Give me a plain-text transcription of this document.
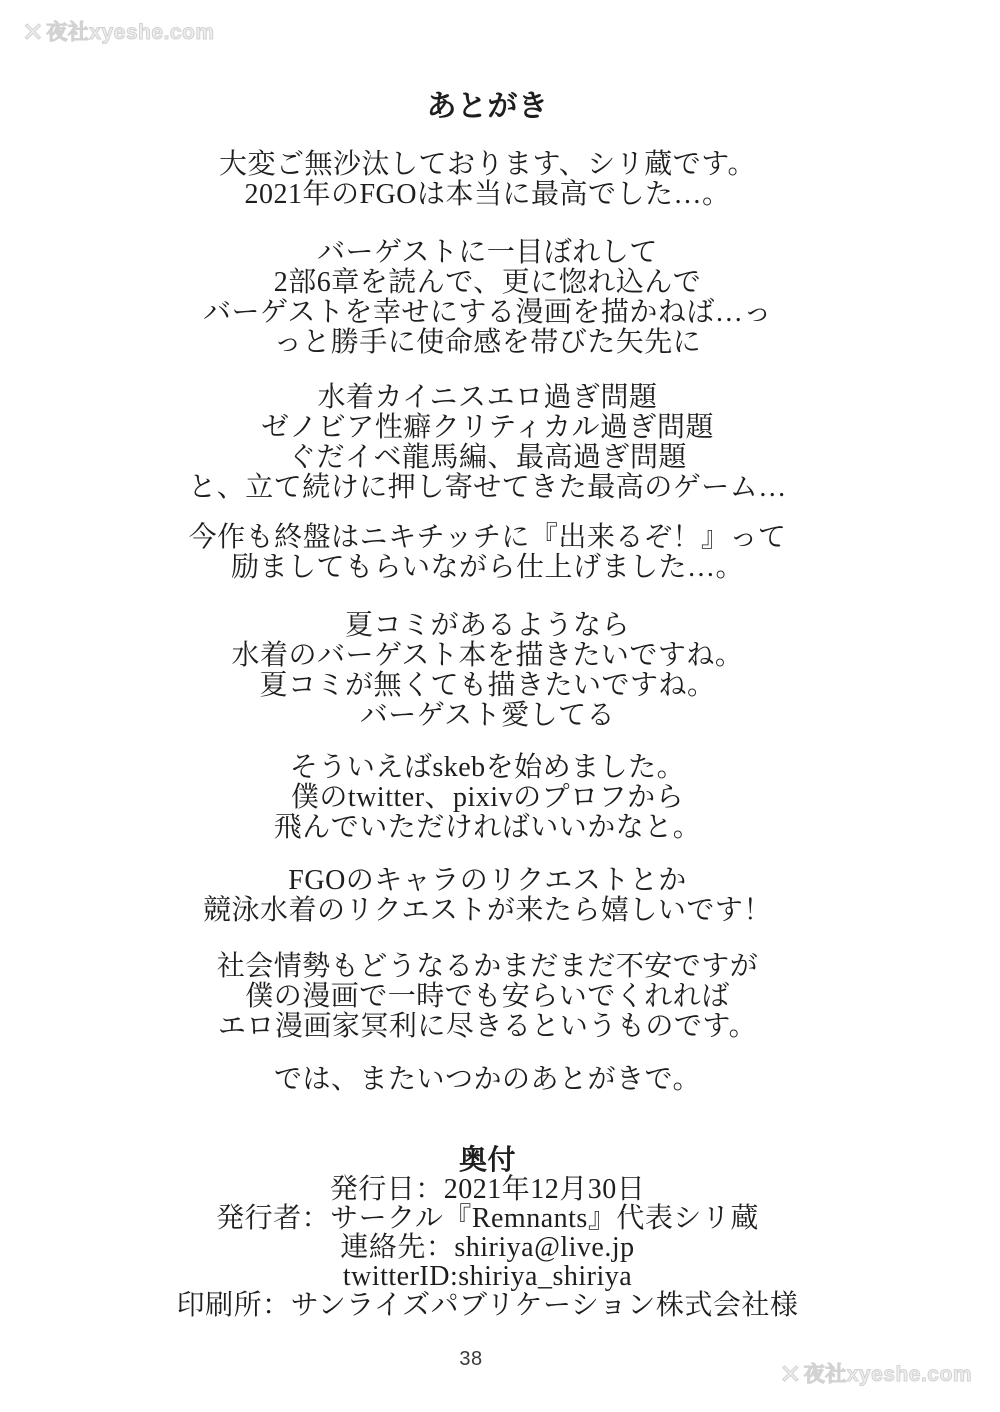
✕夜社xyeshe.com
あとがき
大変ご無沙汰しております、シリ蔵です。
2021年のFGOは本当に最高でした…。
バーゲストに一目ぼれして
2部6章を読んで、更に惚れ込んで
バーゲストを幸せにする漫画を描かねば…っ
っと勝手に使命感を帯びた矢先に
水着カイニスエロ過ぎ問題
ゼノビア性癖クリティカル過ぎ問題
ぐだイベ龍馬編、最高過ぎ問題
と、立て続けに押し寄せてきた最高のゲーム…
今作も終盤はニキチッチに『出来るぞ！』って
励ましてもらいながら仕上げました…。
夏コミがあるようなら
水着のバーゲスト本を描きたいですね。
夏コミが無くても描きたいですね。
バーゲスト愛してる
そういえばskebを始めました。
僕のtwitter、pixivのプロフから
飛んでいただければいいかなと。
FGOのキャラのリクエストとか
競泳水着のリクエストが来たら嬉しいです！
社会情勢もどうなるかまだまだ不安ですが
僕の漫画で一時でも安らいでくれれば
エロ漫画家冥利に尽きるというものです。
では、またいつかのあとがきで。
奥付
発行日：2021年12月30日
発行者：サークル『Remnants』代表シリ蔵
連絡先：shiriya@live.jp
twitterID:shiriya_shiriya
印刷所：サンライズパブリケーション株式会社様
38	✕夜社xyeshe.com
